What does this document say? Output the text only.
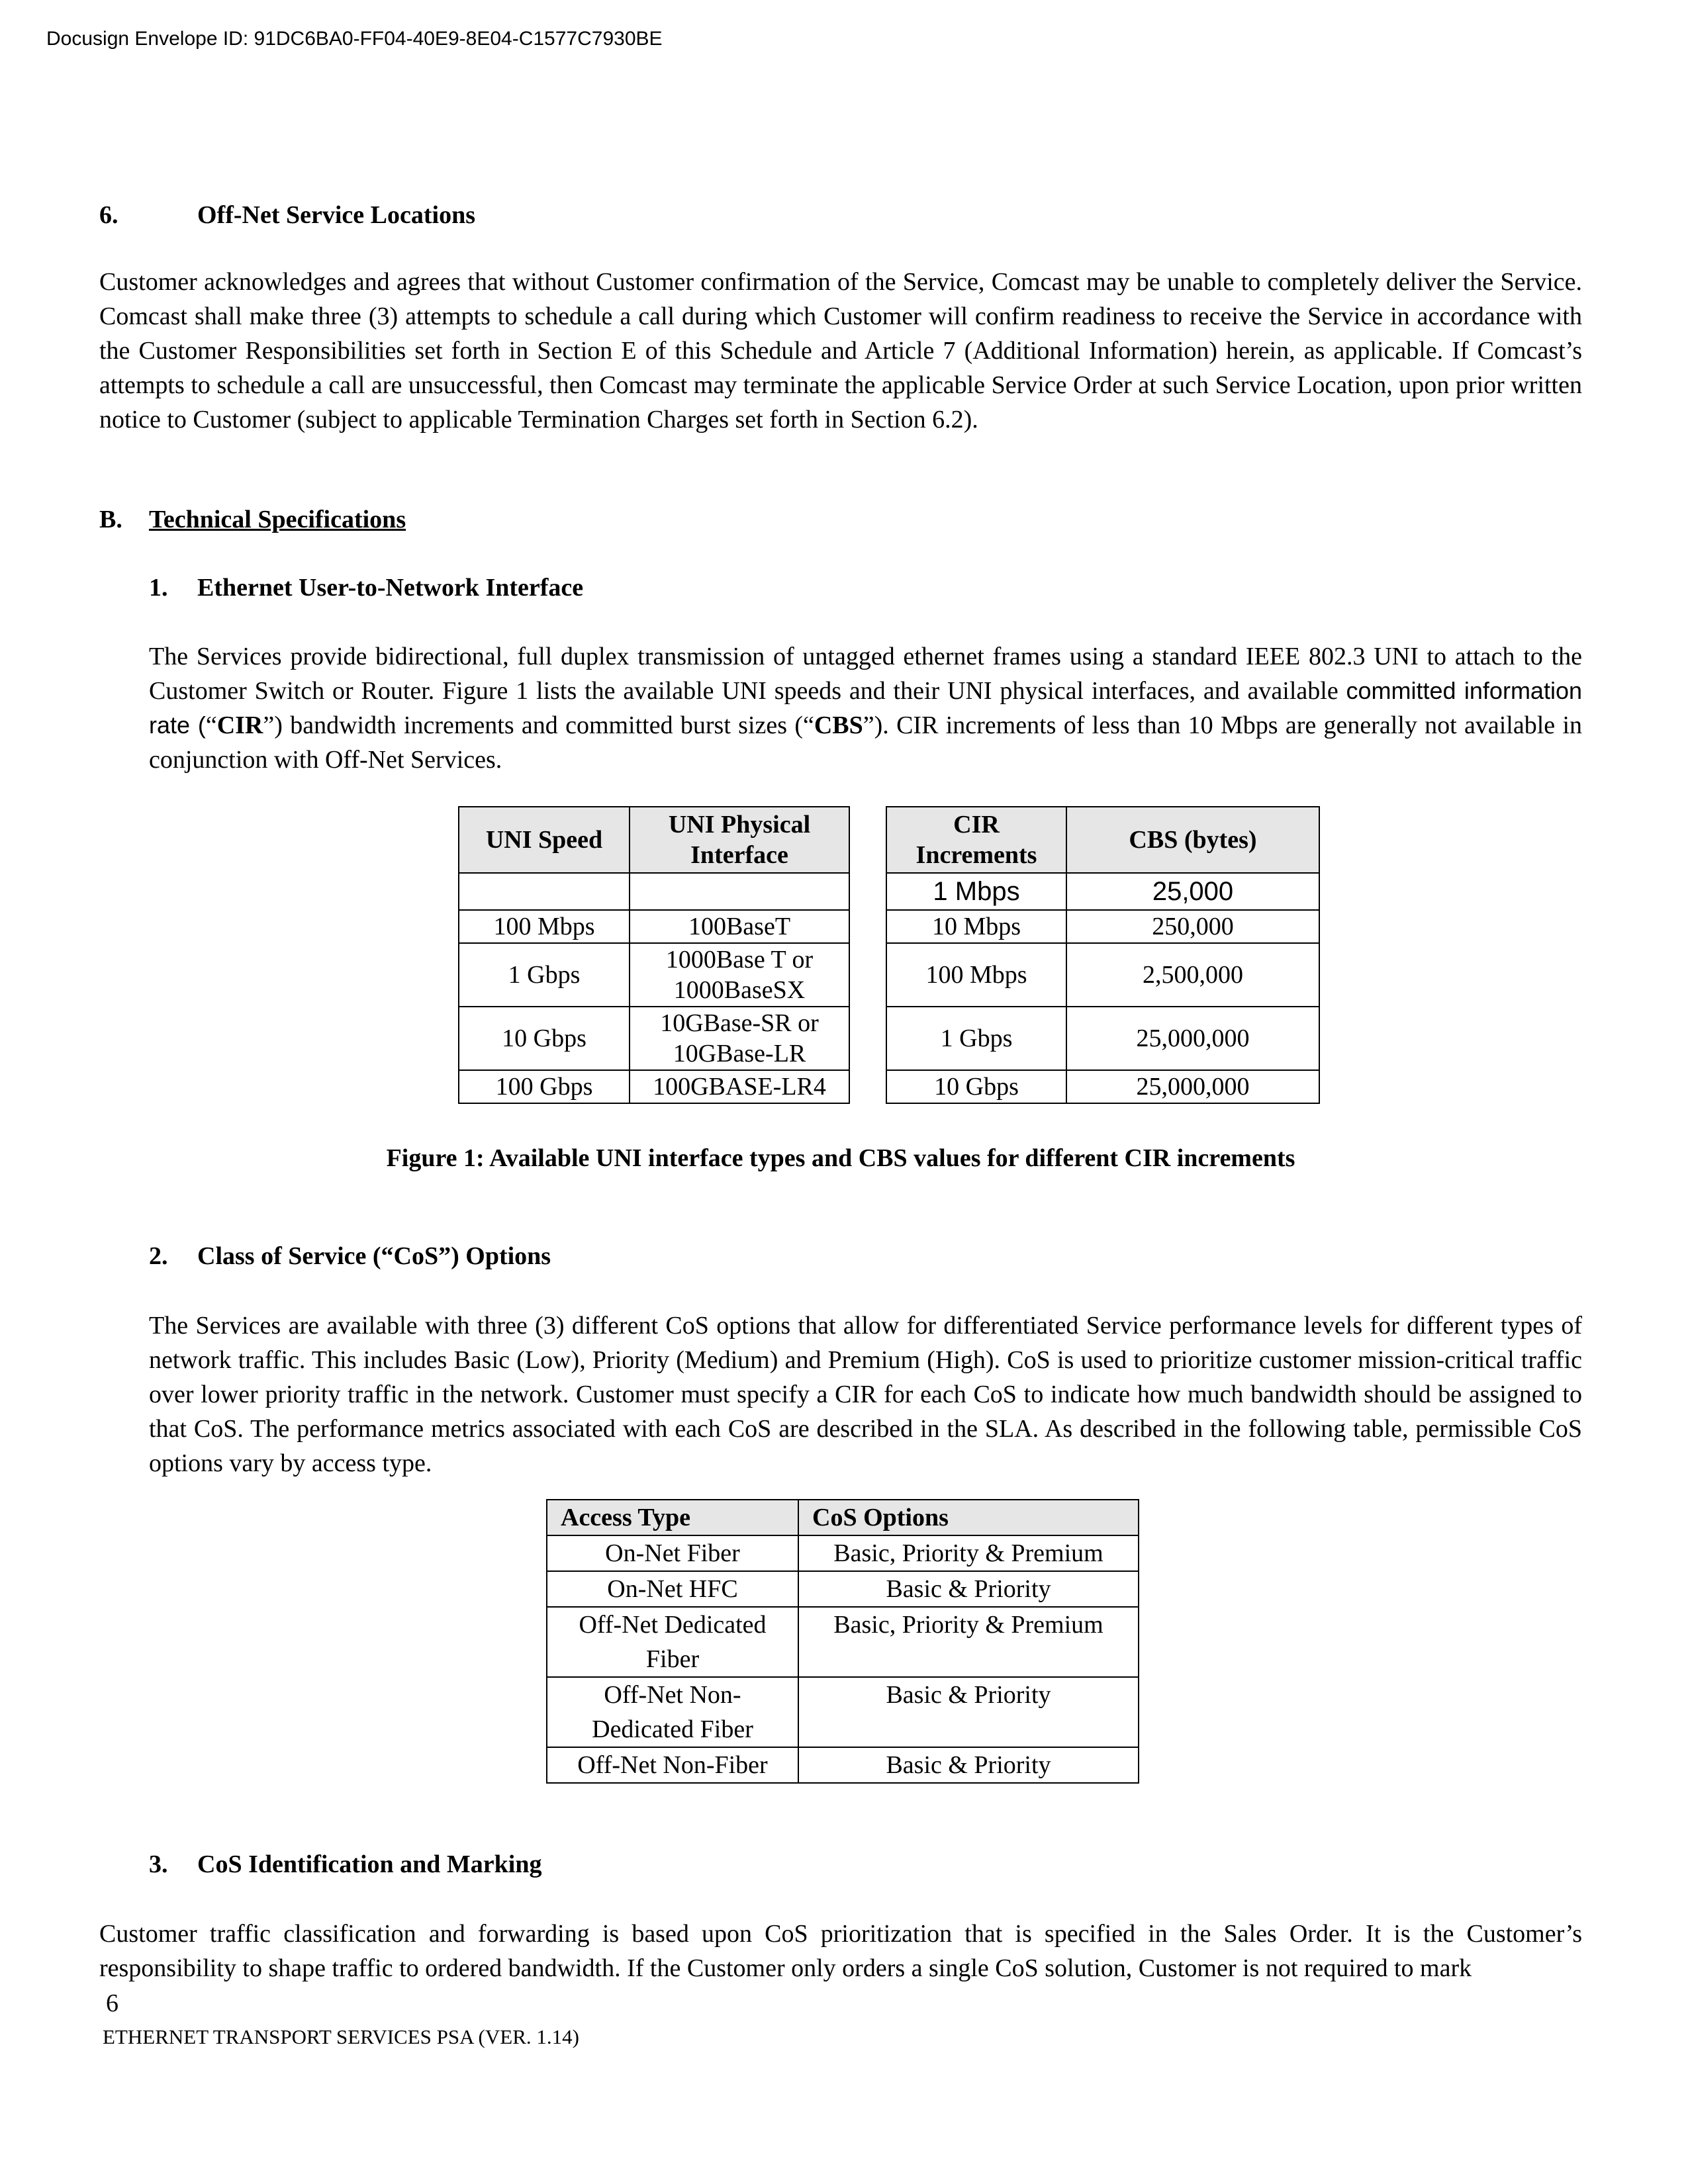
Docusign Envelope ID: 91DC6BA0-FF04-40E9-8E04-C1577C7930BE
6.	Off-Net Service Locations
Customer acknowledges and agrees that without Customer confirmation of the Service, Comcast may be unable to completely deliver the Service. Comcast shall make three (3) attempts to schedule a call during which Customer will confirm readiness to receive the Service in accordance with the Customer Responsibilities set forth in Section E of this Schedule and Article 7 (Additional Information) herein, as applicable. If Comcast’s attempts to schedule a call are unsuccessful, then Comcast may terminate the applicable Service Order at such Service Location, upon prior written notice to Customer (subject to applicable Termination Charges set forth in Section 6.2).
B. Technical Specifications
1. Ethernet User-to-Network Interface
The Services provide bidirectional, full duplex transmission of untagged ethernet frames using a standard IEEE 802.3 UNI to attach to the Customer Switch or Router. Figure 1 lists the available UNI speeds and their UNI physical interfaces, and available committed information rate (“CIR”) bandwidth increments and committed burst sizes (“CBS”). CIR increments of less than 10 Mbps are generally not available in conjunction with Off-Net Services.
UNI Speed	UNI Physical Interface

100 Mbps	100BaseT
1 Gbps	1000Base T or 1000BaseSX
10 Gbps	10GBase-SR or 10GBase-LR
100 Gbps	100GBASE-LR4
CIR Increments	CBS (bytes)
1 Mbps	25,000
10 Mbps	250,000
100 Mbps	2,500,000
1 Gbps	25,000,000
10 Gbps	25,000,000
Figure 1: Available UNI interface types and CBS values for different CIR increments
2. Class of Service (“CoS”) Options
The Services are available with three (3) different CoS options that allow for differentiated Service performance levels for different types of network traffic. This includes Basic (Low), Priority (Medium) and Premium (High). CoS is used to prioritize customer mission-critical traffic over lower priority traffic in the network. Customer must specify a CIR for each CoS to indicate how much bandwidth should be assigned to that CoS. The performance metrics associated with each CoS are described in the SLA. As described in the following table, permissible CoS options vary by access type.
Access Type	CoS Options
On-Net Fiber	Basic, Priority & Premium
On-Net HFC	Basic & Priority
Off-Net Dedicated Fiber	Basic, Priority & Premium
Off-Net Non-Dedicated Fiber	Basic & Priority
Off-Net Non-Fiber	Basic & Priority
3. CoS Identification and Marking
Customer traffic classification and forwarding is based upon CoS prioritization that is specified in the Sales Order. It is the Customer’s responsibility to shape traffic to ordered bandwidth. If the Customer only orders a single CoS solution, Customer is not required to mark
6
ETHERNET TRANSPORT SERVICES PSA (VER. 1.14)
